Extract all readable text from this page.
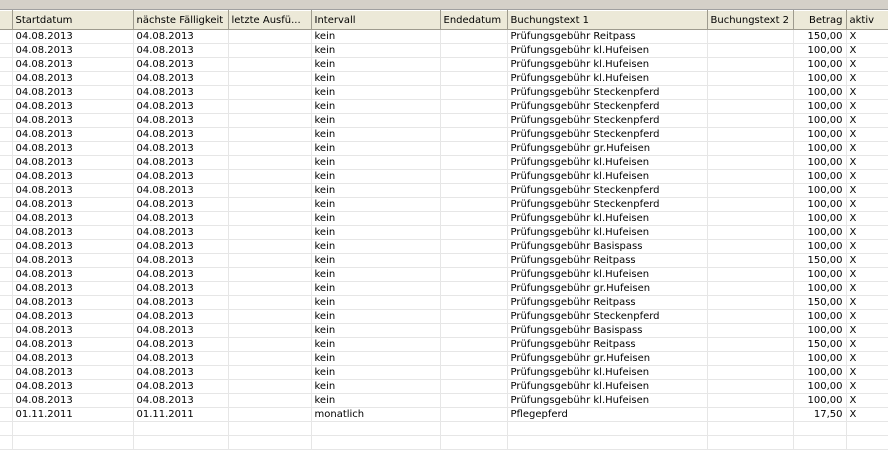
	Startdatum	nächste Fälligkeit	letzte Ausfü...	Intervall	Endedatum	Buchungstext 1	Buchungstext 2	Betrag	aktiv
	04.08.2013	04.08.2013		kein		Prüfungsgebühr Reitpass		150,00	X
	04.08.2013	04.08.2013		kein		Prüfungsgebühr kl.Hufeisen		100,00	X
	04.08.2013	04.08.2013		kein		Prüfungsgebühr kl.Hufeisen		100,00	X
	04.08.2013	04.08.2013		kein		Prüfungsgebühr kl.Hufeisen		100,00	X
	04.08.2013	04.08.2013		kein		Prüfungsgebühr Steckenpferd		100,00	X
	04.08.2013	04.08.2013		kein		Prüfungsgebühr Steckenpferd		100,00	X
	04.08.2013	04.08.2013		kein		Prüfungsgebühr Steckenpferd		100,00	X
	04.08.2013	04.08.2013		kein		Prüfungsgebühr Steckenpferd		100,00	X
	04.08.2013	04.08.2013		kein		Prüfungsgebühr gr.Hufeisen		100,00	X
	04.08.2013	04.08.2013		kein		Prüfungsgebühr kl.Hufeisen		100,00	X
	04.08.2013	04.08.2013		kein		Prüfungsgebühr kl.Hufeisen		100,00	X
	04.08.2013	04.08.2013		kein		Prüfungsgebühr Steckenpferd		100,00	X
	04.08.2013	04.08.2013		kein		Prüfungsgebühr Steckenpferd		100,00	X
	04.08.2013	04.08.2013		kein		Prüfungsgebühr kl.Hufeisen		100,00	X
	04.08.2013	04.08.2013		kein		Prüfungsgebühr kl.Hufeisen		100,00	X
	04.08.2013	04.08.2013		kein		Prüfungsgebühr Basispass		100,00	X
	04.08.2013	04.08.2013		kein		Prüfungsgebühr Reitpass		150,00	X
	04.08.2013	04.08.2013		kein		Prüfungsgebühr kl.Hufeisen		100,00	X
	04.08.2013	04.08.2013		kein		Prüfungsgebühr gr.Hufeisen		100,00	X
	04.08.2013	04.08.2013		kein		Prüfungsgebühr Reitpass		150,00	X
	04.08.2013	04.08.2013		kein		Prüfungsgebühr Steckenpferd		100,00	X
	04.08.2013	04.08.2013		kein		Prüfungsgebühr Basispass		100,00	X
	04.08.2013	04.08.2013		kein		Prüfungsgebühr Reitpass		150,00	X
	04.08.2013	04.08.2013		kein		Prüfungsgebühr gr.Hufeisen		100,00	X
	04.08.2013	04.08.2013		kein		Prüfungsgebühr kl.Hufeisen		100,00	X
	04.08.2013	04.08.2013		kein		Prüfungsgebühr kl.Hufeisen		100,00	X
	04.08.2013	04.08.2013		kein		Prüfungsgebühr kl.Hufeisen		100,00	X
	01.11.2011	01.11.2011		monatlich		Pflegepferd		17,50	X
